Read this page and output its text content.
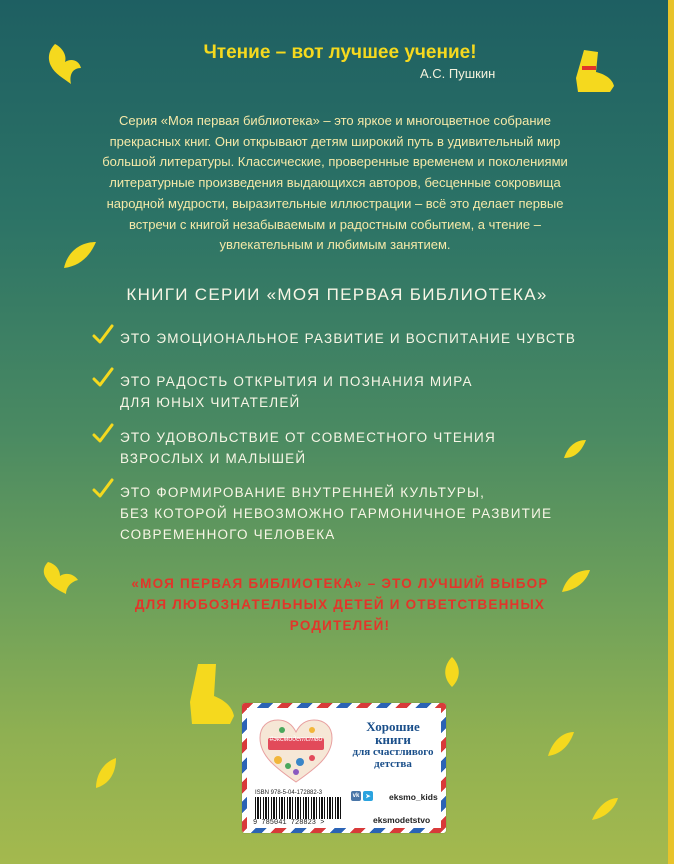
Чтение – вот лучшее учение!
А.С. Пушкин
Серия «Моя первая библиотека» – это яркое и многоцветное собрание
прекрасных книг. Они открывают детям широкий путь в удивительный мир
большой литературы. Классические, проверенные временем и поколениями
литературные произведения выдающихся авторов, бесценные сокровища
народной мудрости, выразительные иллюстрации – всё это делает первые
встречи с книгой незабываемым и радостным событием, а чтение –
увлекательным и любимым занятием.
КНИГИ СЕРИИ «МОЯ ПЕРВАЯ БИБЛИОТЕКА»
ЭТО ЭМОЦИОНАЛЬНОЕ РАЗВИТИЕ И ВОСПИТАНИЕ ЧУВСТВ
ЭТО РАДОСТЬ ОТКРЫТИЯ И ПОЗНАНИЯ МИРА
ДЛЯ ЮНЫХ ЧИТАТЕЛЕЙ
ЭТО УДОВОЛЬСТВИЕ ОТ СОВМЕСТНОГО ЧТЕНИЯ
ВЗРОСЛЫХ И МАЛЫШЕЙ
ЭТО ФОРМИРОВАНИЕ ВНУТРЕННЕЙ КУЛЬТУРЫ,
БЕЗ КОТОРОЙ НЕВОЗМОЖНО ГАРМОНИЧНОЕ РАЗВИТИЕ
СОВРЕМЕННОГО ЧЕЛОВЕКА
«МОЯ ПЕРВАЯ БИБЛИОТЕКА» – ЭТО ЛУЧШИЙ ВЫБОР
ДЛЯ ЛЮБОЗНАТЕЛЬНЫХ ДЕТЕЙ И ОТВЕТСТВЕННЫХ
РОДИТЕЛЕЙ!
#эксмодетство
Хорошие
книги
для счастливого
детства
ISBN 978-5-04-172882-3
9 785041 728823 >
vk	➤ eksmo_kids
eksmodetstvo
